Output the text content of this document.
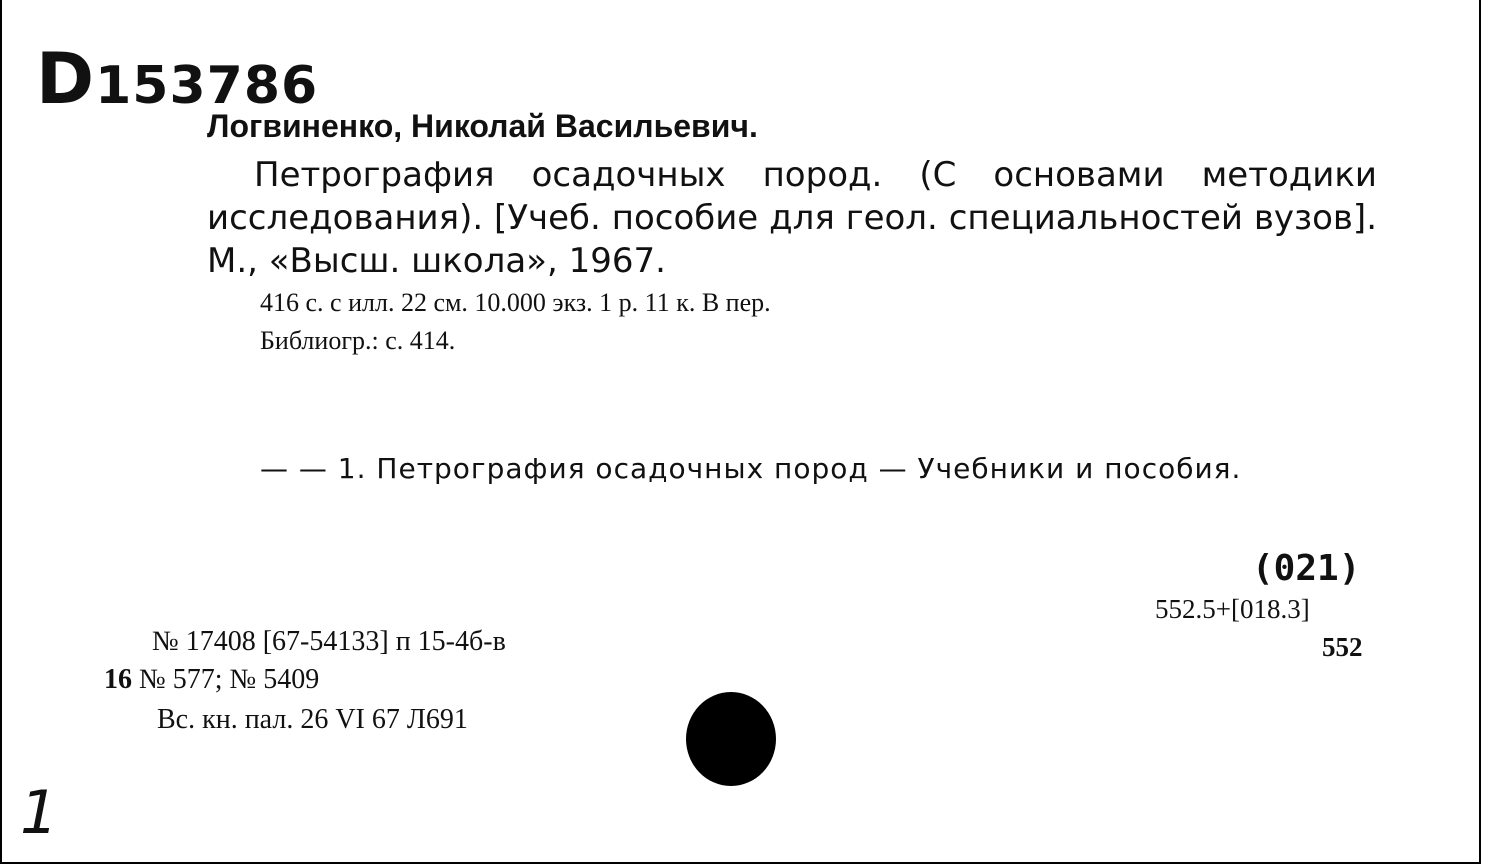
D153786
Логвиненко, Николай Васильевич.
Петрография осадочных пород. (С основами методики исследования). [Учеб. пособие для геол. специальностей вузов]. М., «Высш. школа», 1967.
416 с. с илл. 22 см. 10.000 экз. 1 р. 11 к. В пер.
Библиогр.: с. 414.
— — 1. Петрография осадочных пород — Учебники и пособия.
(021)
552.5+[018.3]
552
№ 17408 [67-54133] п 15-4б-в
16 № 577; № 5409
Вс. кн. пал. 26 VI 67 Л691
1
